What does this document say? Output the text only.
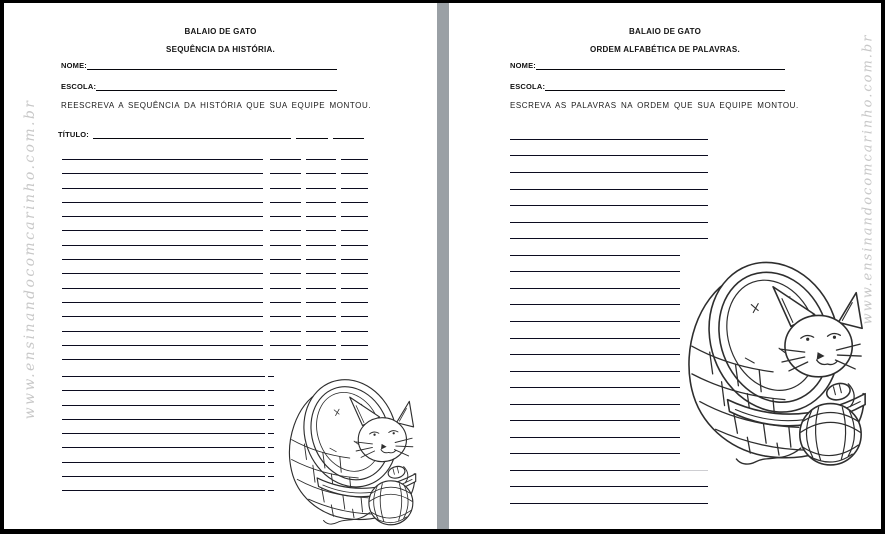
www.ensinandocomcarinho.com.br
BALAIO DE GATO
SEQUÊNCIA DA HISTÓRIA.
NOME:
ESCOLA:
REESCREVA A SEQUÊNCIA DA HISTÓRIA QUE SUA EQUIPE MONTOU.
TÍTULO:
BALAIO DE GATO
ORDEM ALFABÉTICA DE PALAVRAS.
NOME:
ESCOLA:
ESCREVA AS PALAVRAS NA ORDEM QUE SUA EQUIPE MONTOU.	www.ensinandocomcarinho.com.br
